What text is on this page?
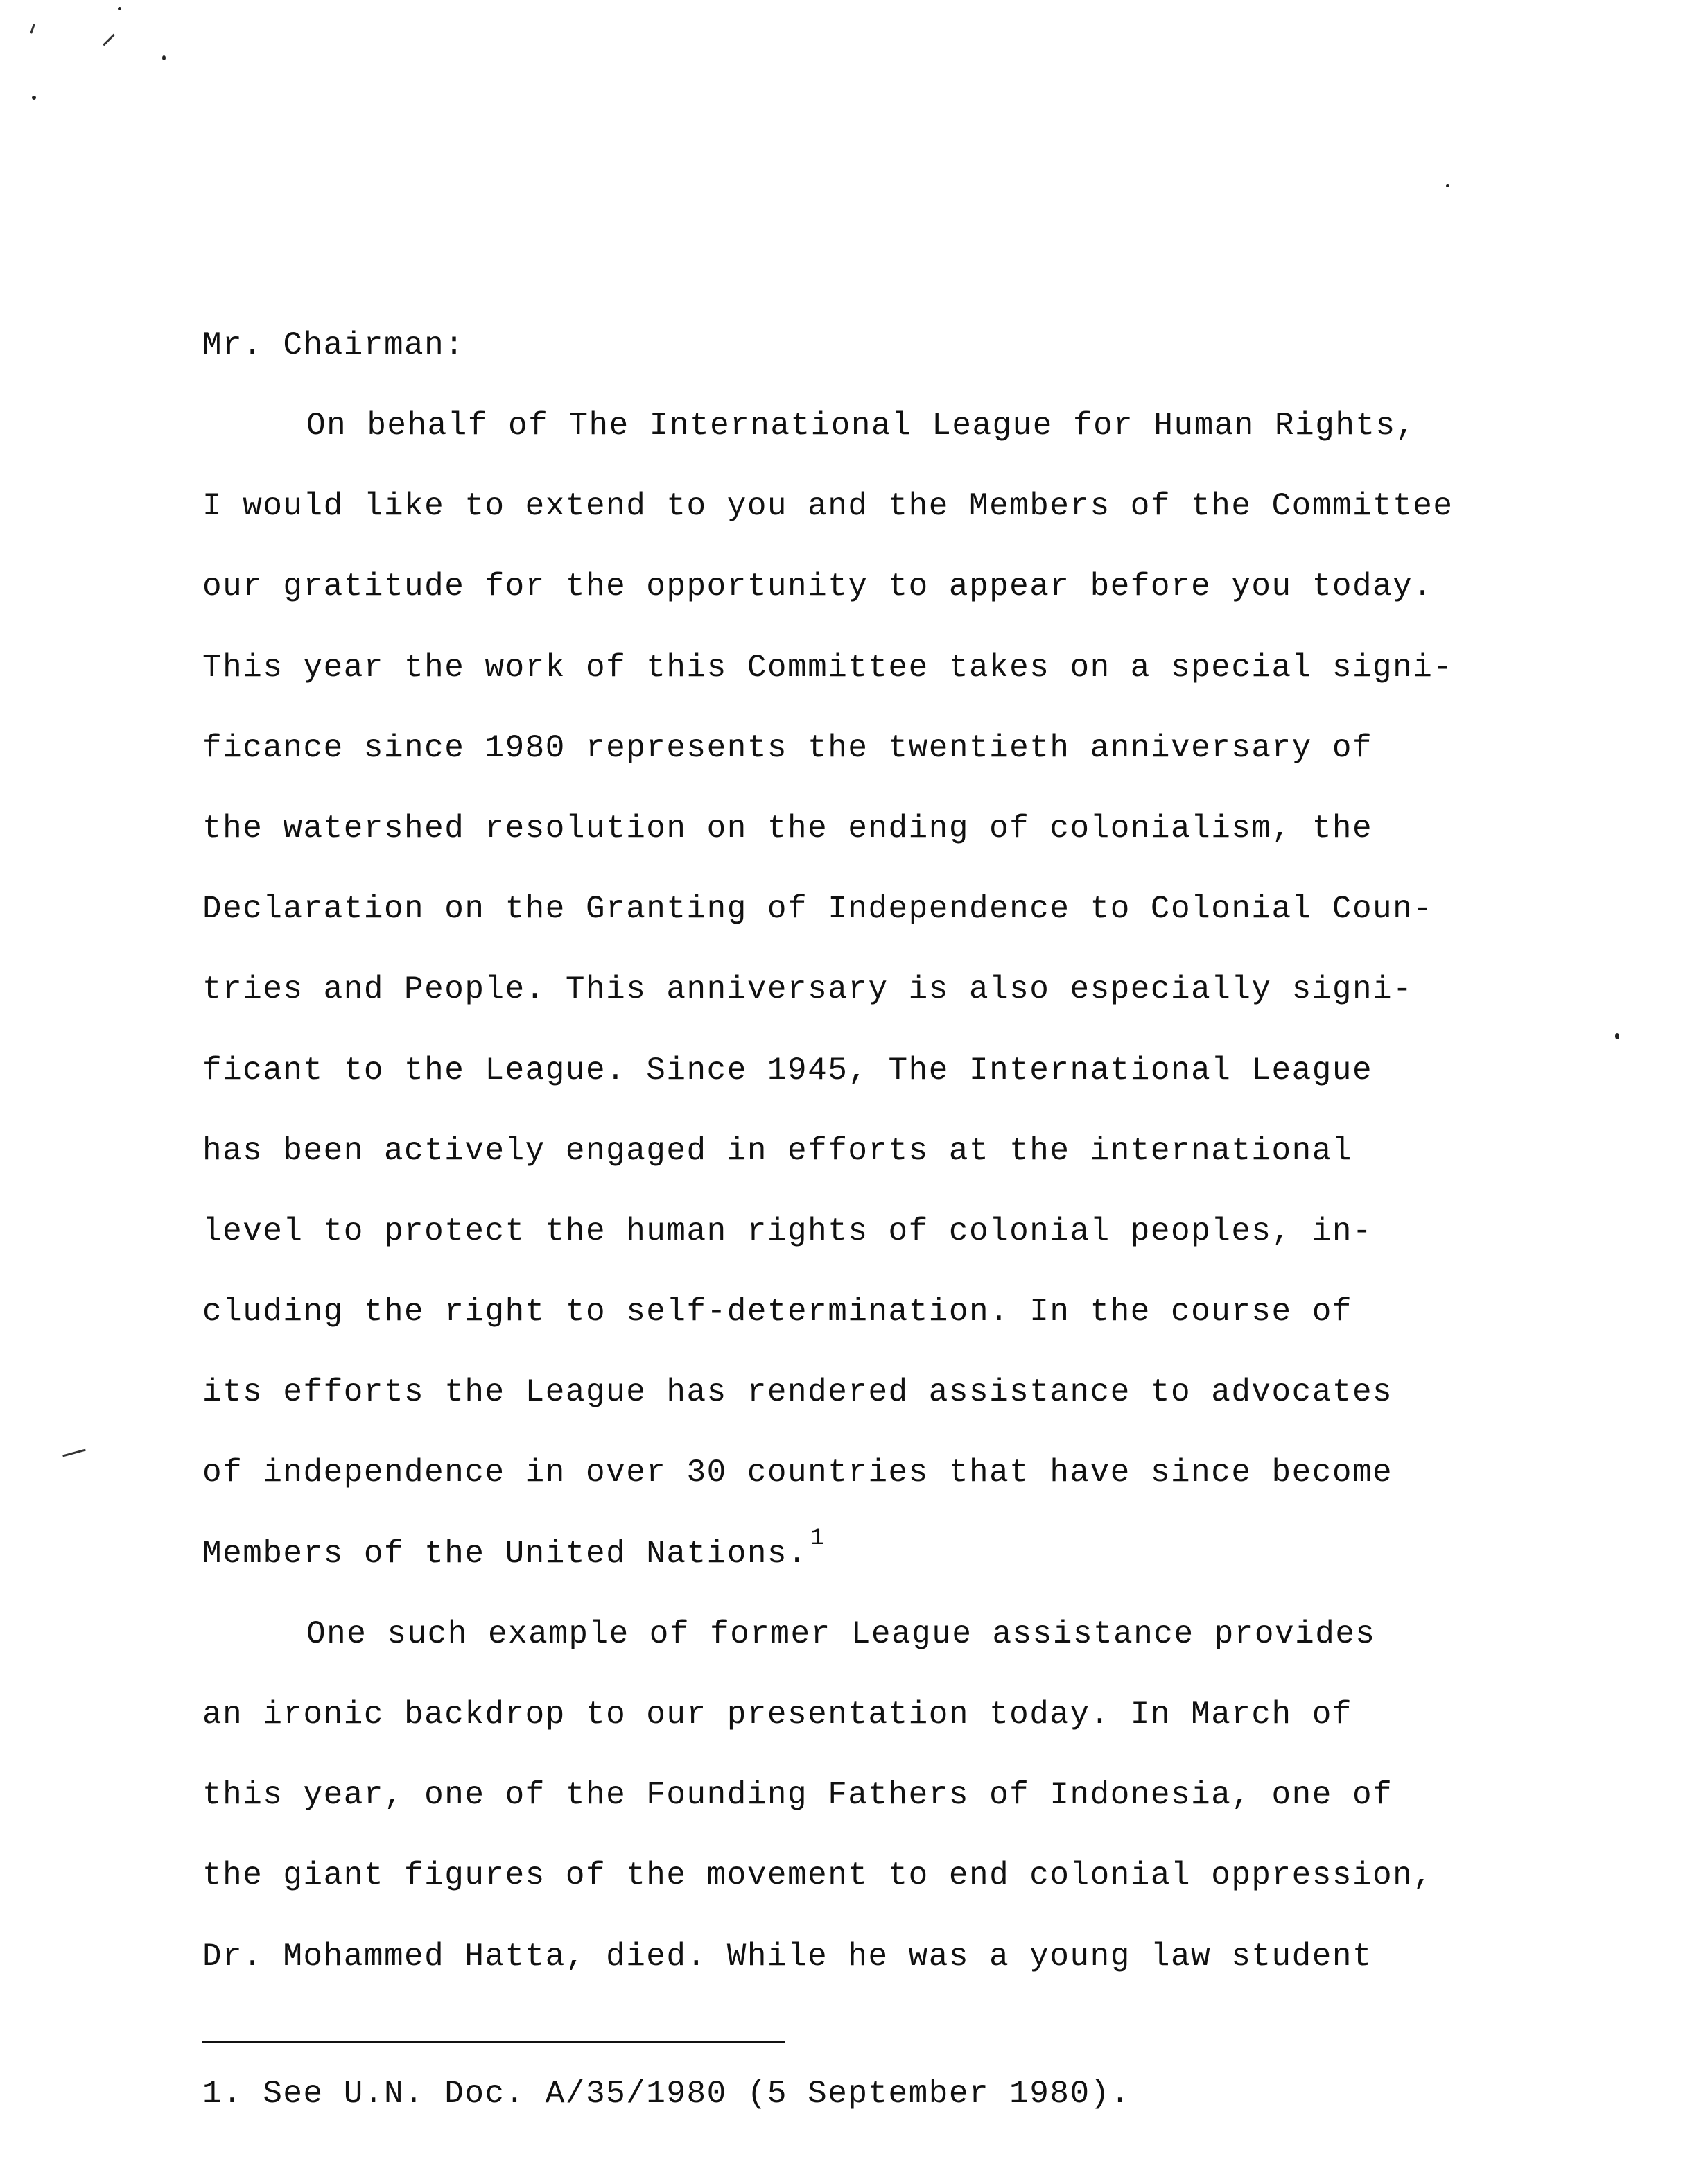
Mr. Chairman:
On behalf of The International League for Human Rights,
I would like to extend to you and the Members of the Committee
our gratitude for the opportunity to appear before you today.
This year the work of this Committee takes on a special signi-
ficance since 1980 represents the twentieth anniversary of
the watershed resolution on the ending of colonialism, the
Declaration on the Granting of Independence to Colonial Coun-
tries and People. This anniversary is also especially signi-
ficant to the League. Since 1945, The International League
has been actively engaged in efforts at the international
level to protect the human rights of colonial peoples, in-
cluding the right to self-determination. In the course of
its efforts the League has rendered assistance to advocates
of independence in over 30 countries that have since become
Members of the United Nations. $^1$
One such example of former League assistance provides
an ironic backdrop to our presentation today. In March of
this year, one of the Founding Fathers of Indonesia, one of
the giant figures of the movement to end colonial oppression,
Dr. Mohammed Hatta, died. While he was a young law student
1. See U.N. Doc. A/35/1980 (5 September 1980).
